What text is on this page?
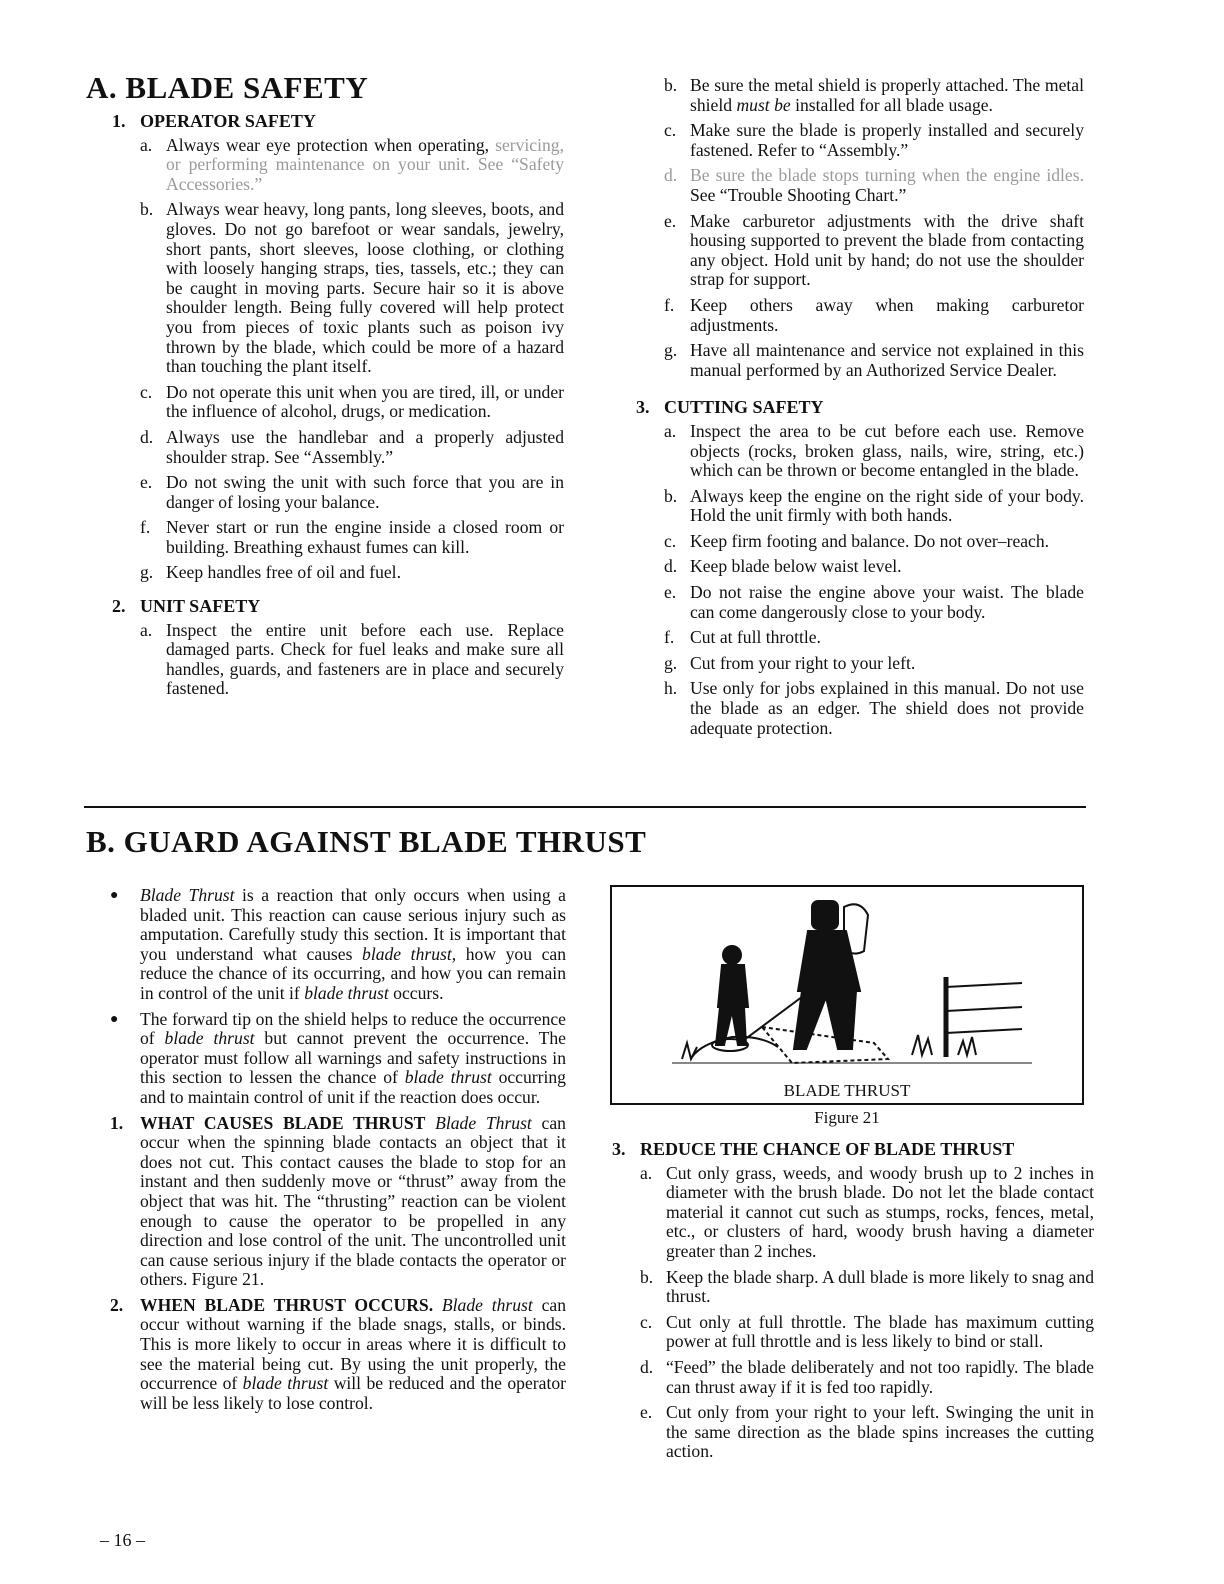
A. BLADE SAFETY
1. OPERATOR SAFETY
a. Always wear eye protection when operating, servicing, or performing maintenance on your unit. See “Safety Accessories.”
b. Always wear heavy, long pants, long sleeves, boots, and gloves. Do not go barefoot or wear sandals, jewelry, short pants, short sleeves, loose clothing, or clothing with loosely hanging straps, ties, tassels, etc.; they can be caught in moving parts. Secure hair so it is above shoulder length. Being fully covered will help protect you from pieces of toxic plants such as poison ivy thrown by the blade, which could be more of a hazard than touching the plant itself.
c. Do not operate this unit when you are tired, ill, or under the influence of alcohol, drugs, or medication.
d. Always use the handlebar and a properly adjusted shoulder strap. See “Assembly.”
e. Do not swing the unit with such force that you are in danger of losing your balance.
f. Never start or run the engine inside a closed room or building. Breathing exhaust fumes can kill.
g. Keep handles free of oil and fuel.
2. UNIT SAFETY
a. Inspect the entire unit before each use. Replace damaged parts. Check for fuel leaks and make sure all handles, guards, and fasteners are in place and securely fastened.
b. Be sure the metal shield is properly attached. The metal shield must be installed for all blade usage.
c. Make sure the blade is properly installed and securely fastened. Refer to “Assembly.”
d. Be sure the blade stops turning when the engine idles. See “Trouble Shooting Chart.”
e. Make carburetor adjustments with the drive shaft housing supported to prevent the blade from contacting any object. Hold unit by hand; do not use the shoulder strap for support.
f. Keep others away when making carburetor adjustments.
g. Have all maintenance and service not explained in this manual performed by an Authorized Service Dealer.
3. CUTTING SAFETY
a. Inspect the area to be cut before each use. Remove objects (rocks, broken glass, nails, wire, string, etc.) which can be thrown or become entangled in the blade.
b. Always keep the engine on the right side of your body. Hold the unit firmly with both hands.
c. Keep firm footing and balance. Do not over–reach.
d. Keep blade below waist level.
e. Do not raise the engine above your waist. The blade can come dangerously close to your body.
f. Cut at full throttle.
g. Cut from your right to your left.
h. Use only for jobs explained in this manual. Do not use the blade as an edger. The shield does not provide adequate protection.
B. GUARD AGAINST BLADE THRUST
●	Blade Thrust is a reaction that only occurs when using a bladed unit. This reaction can cause serious injury such as amputation. Carefully study this section. It is important that you understand what causes blade thrust, how you can reduce the chance of its occurring, and how you can remain in control of the unit if blade thrust occurs.
●	The forward tip on the shield helps to reduce the occurrence of blade thrust but cannot prevent the occurrence. The operator must follow all warnings and safety instructions in this section to lessen the chance of blade thrust occurring and to maintain control of unit if the reaction does occur.
1. WHAT CAUSES BLADE THRUST Blade Thrust can occur when the spinning blade contacts an object that it does not cut. This contact causes the blade to stop for an instant and then suddenly move or “thrust” away from the object that was hit. The “thrusting” reaction can be violent enough to cause the operator to be propelled in any direction and lose control of the unit. The uncontrolled unit can cause serious injury if the blade contacts the operator or others. Figure 21.
2. WHEN BLADE THRUST OCCURS. Blade thrust can occur without warning if the blade snags, stalls, or binds. This is more likely to occur in areas where it is difficult to see the material being cut. By using the unit properly, the occurrence of blade thrust will be reduced and the operator will be less likely to lose control.
BLADE THRUST
Figure 21
3. REDUCE THE CHANCE OF BLADE THRUST
a. Cut only grass, weeds, and woody brush up to 2 inches in diameter with the brush blade. Do not let the blade contact material it cannot cut such as stumps, rocks, fences, metal, etc., or clusters of hard, woody brush having a diameter greater than 2 inches.
b. Keep the blade sharp. A dull blade is more likely to snag and thrust.
c. Cut only at full throttle. The blade has maximum cutting power at full throttle and is less likely to bind or stall.
d. “Feed” the blade deliberately and not too rapidly. The blade can thrust away if it is fed too rapidly.
e. Cut only from your right to your left. Swinging the unit in the same direction as the blade spins increases the cutting action.
– 16 –
